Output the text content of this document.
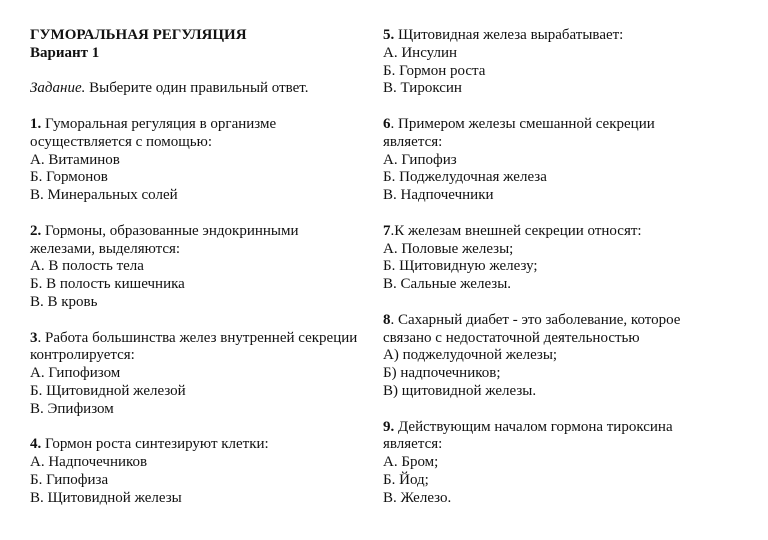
ГУМОРАЛЬНАЯ РЕГУЛЯЦИЯ
Вариант 1
Задание. Выберите один правильный ответ.
1. Гуморальная регуляция в организме
осуществляется с помощью:
А. Витаминов
Б. Гормонов
В. Минеральных солей
2. Гормоны, образованные эндокринными
железами, выделяются:
А. В полость тела
Б. В полость кишечника
В. В кровь
3. Работа большинства желез внутренней секреции
контролируется:
А. Гипофизом
Б. Щитовидной железой
В. Эпифизом
4. Гормон роста синтезируют клетки:
А. Надпочечников
Б. Гипофиза
В. Щитовидной железы
5. Щитовидная железа вырабатывает:
А. Инсулин
Б. Гормон роста
В. Тироксин
6. Примером железы смешанной секреции
является:
А. Гипофиз
Б. Поджелудочная железа
В. Надпочечники
7.К железам внешней секреции относят:
А. Половые железы;
Б. Щитовидную железу;
В. Сальные железы.
8. Сахарный диабет - это заболевание, которое
связано с недостаточной деятельностью
А) поджелудочной железы;
Б) надпочечников;
В) щитовидной железы.
9. Действующим началом гормона тироксина
является:
А. Бром;
Б. Йод;
В. Железо.
